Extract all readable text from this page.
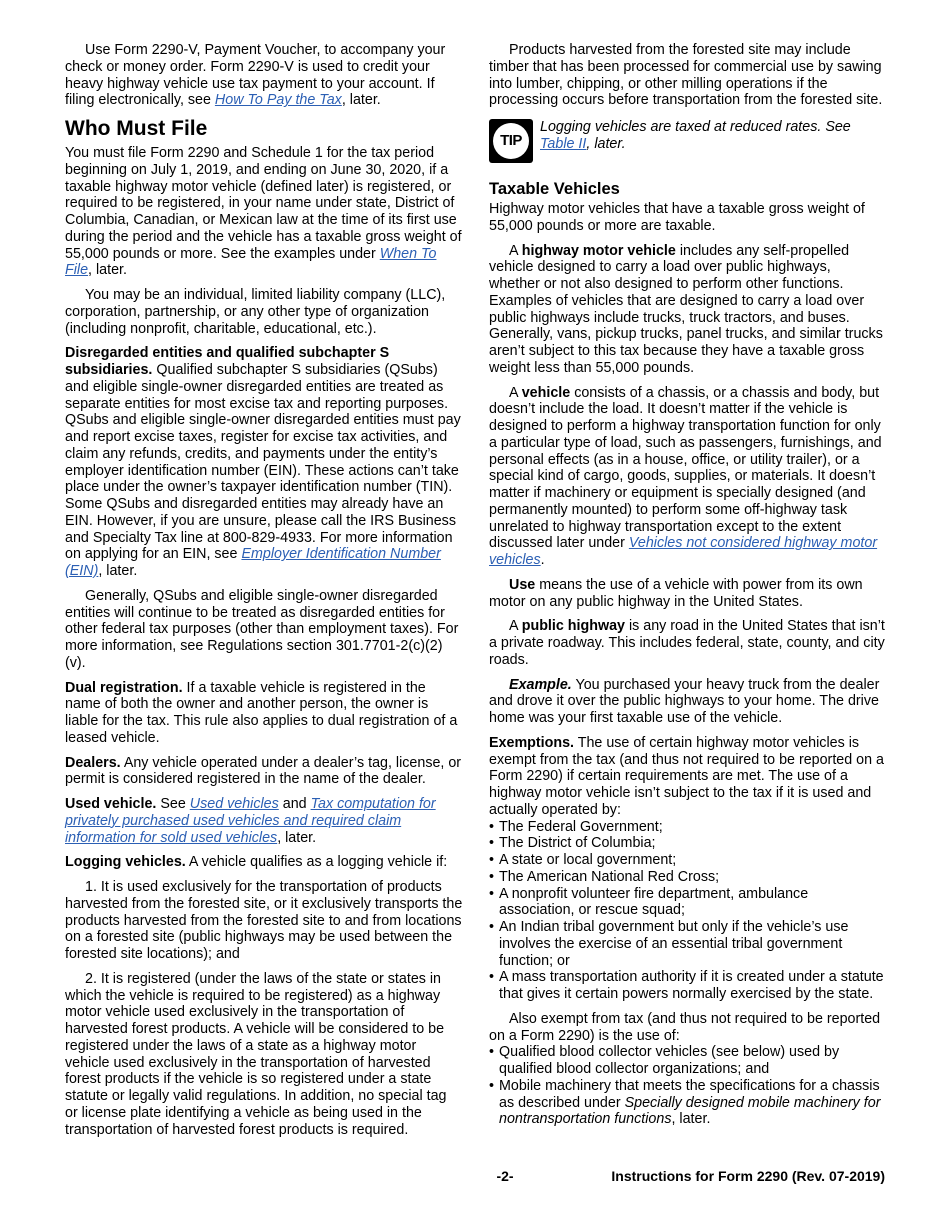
Use Form 2290-V, Payment Voucher, to accompany your check or money order. Form 2290-V is used to credit your heavy highway vehicle use tax payment to your account. If filing electronically, see How To Pay the Tax, later.

Who Must File

You must file Form 2290 and Schedule 1 for the tax period beginning on July 1, 2019, and ending on June 30, 2020, if a taxable highway motor vehicle (defined later) is registered, or required to be registered, in your name under state, District of Columbia, Canadian, or Mexican law at the time of its first use during the period and the vehicle has a taxable gross weight of 55,000 pounds or more. See the examples under When To File, later.

You may be an individual, limited liability company (LLC), corporation, partnership, or any other type of organization (including nonprofit, charitable, educational, etc.).

Disregarded entities and qualified subchapter S subsidiaries. Qualified subchapter S subsidiaries (QSubs) and eligible single-owner disregarded entities are treated as separate entities for most excise tax and reporting purposes. QSubs and eligible single-owner disregarded entities must pay and report excise taxes, register for excise tax activities, and claim any refunds, credits, and payments under the entity’s employer identification number (EIN). These actions can’t take place under the owner’s taxpayer identification number (TIN). Some QSubs and disregarded entities may already have an EIN. However, if you are unsure, please call the IRS Business and Specialty Tax line at 800-829-4933. For more information on applying for an EIN, see Employer Identification Number (EIN), later.

Generally, QSubs and eligible single-owner disregarded entities will continue to be treated as disregarded entities for other federal tax purposes (other than employment taxes). For more information, see Regulations section 301.7701-2(c)(2)(v).

Dual registration. If a taxable vehicle is registered in the name of both the owner and another person, the owner is liable for the tax. This rule also applies to dual registration of a leased vehicle.

Dealers. Any vehicle operated under a dealer’s tag, license, or permit is considered registered in the name of the dealer.

Used vehicle. See Used vehicles and Tax computation for privately purchased used vehicles and required claim information for sold used vehicles, later.

Logging vehicles. A vehicle qualifies as a logging vehicle if:

1. It is used exclusively for the transportation of products harvested from the forested site, or it exclusively transports the products harvested from the forested site to and from locations on a forested site (public highways may be used between the forested site locations); and

2. It is registered (under the laws of the state or states in which the vehicle is required to be registered) as a highway motor vehicle used exclusively in the transportation of harvested forest products. A vehicle will be considered to be registered under the laws of a state as a highway motor vehicle used exclusively in the transportation of harvested forest products if the vehicle is so registered under a state statute or legally valid regulations. In addition, no special tag or license plate identifying a vehicle as being used in the transportation of harvested forest products is required.

Products harvested from the forested site may include timber that has been processed for commercial use by sawing into lumber, chipping, or other milling operations if the processing occurs before transportation from the forested site.

TIP
Logging vehicles are taxed at reduced rates. See Table II, later.
Taxable Vehicles

Highway motor vehicles that have a taxable gross weight of 55,000 pounds or more are taxable.

A highway motor vehicle includes any self-propelled vehicle designed to carry a load over public highways, whether or not also designed to perform other functions. Examples of vehicles that are designed to carry a load over public highways include trucks, truck tractors, and buses. Generally, vans, pickup trucks, panel trucks, and similar trucks aren’t subject to this tax because they have a taxable gross weight less than 55,000 pounds.

A vehicle consists of a chassis, or a chassis and body, but doesn’t include the load. It doesn’t matter if the vehicle is designed to perform a highway transportation function for only a particular type of load, such as passengers, furnishings, and personal effects (as in a house, office, or utility trailer), or a special kind of cargo, goods, supplies, or materials. It doesn’t matter if machinery or equipment is specially designed (and permanently mounted) to perform some off-highway task unrelated to highway transportation except to the extent discussed later under Vehicles not considered highway motor vehicles.

Use means the use of a vehicle with power from its own motor on any public highway in the United States.

A public highway is any road in the United States that isn’t a private roadway. This includes federal, state, county, and city roads.

Example. You purchased your heavy truck from the dealer and drove it over the public highways to your home. The drive home was your first taxable use of the vehicle.

Exemptions. The use of certain highway motor vehicles is exempt from the tax (and thus not required to be reported on a Form 2290) if certain requirements are met. The use of a highway motor vehicle isn’t subject to the tax if it is used and actually operated by:

• The Federal Government;

• The District of Columbia;

• A state or local government;

• The American National Red Cross;

• A nonprofit volunteer fire department, ambulance association, or rescue squad;

• An Indian tribal government but only if the vehicle’s use involves the exercise of an essential tribal government function; or

• A mass transportation authority if it is created under a statute that gives it certain powers normally exercised by the state.

Also exempt from tax (and thus not required to be reported on a Form 2290) is the use of:

• Qualified blood collector vehicles (see below) used by qualified blood collector organizations; and

• Mobile machinery that meets the specifications for a chassis as described under Specially designed mobile machinery for nontransportation functions, later.

-2-	Instructions for Form 2290 (Rev. 07-2019)
